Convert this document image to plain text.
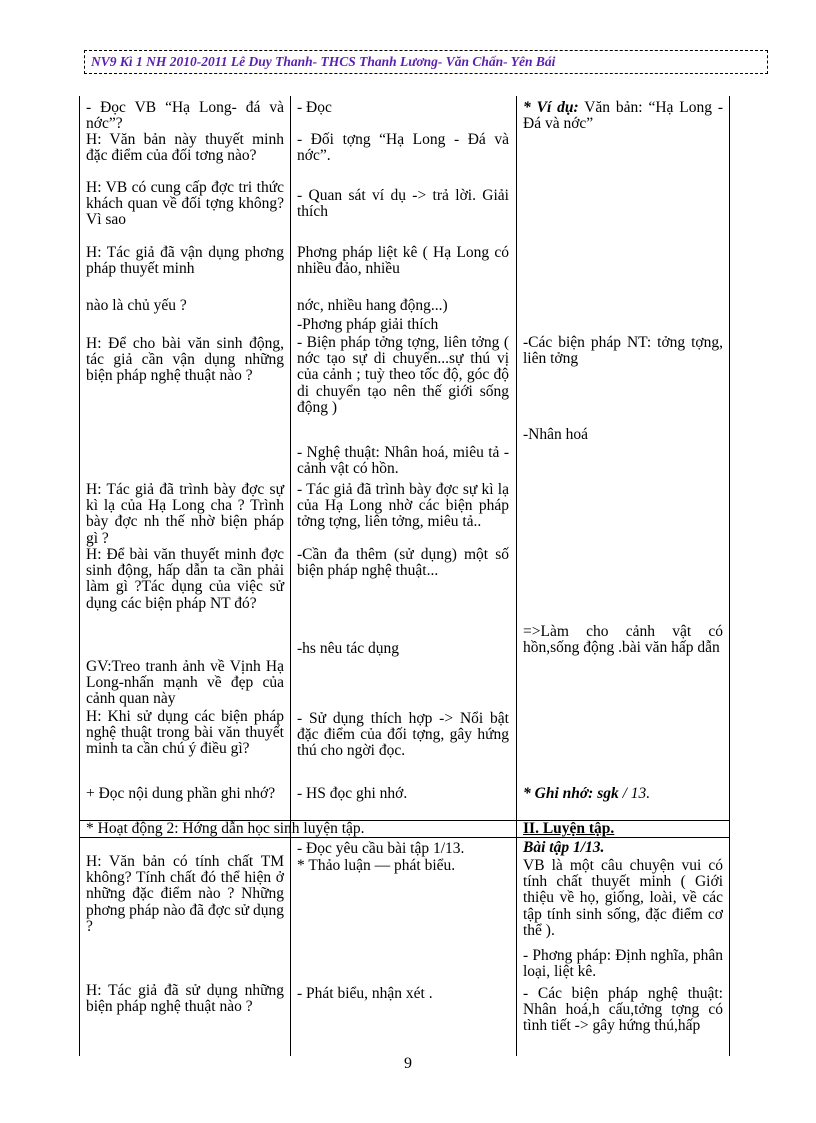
NV9 Kì 1 NH 2010-2011 Lê Duy Thanh- THCS Thanh Lương- Văn Chấn- Yên Bái
- Đọc VB “Hạ Long- đá và nớc”?
H: Văn bản này thuyết minh đặc điểm của đối tơng nào?
H: VB có cung cấp đợc tri thức khách quan về đối tợng không? Vì sao
H: Tác giả đã vận dụng phơng pháp thuyết minh
nào là chủ yếu ?
H: Để cho bài văn sinh động, tác giả cần vận dụng những biện pháp nghệ thuật nào ?
H: Tác giả đã trình bày đợc sự kì lạ của Hạ Long cha ? Trình bày đợc nh thế nhờ biện pháp gì ?
H: Để bài văn thuyết minh đợc sinh động, hấp dẫn ta cần phải làm gì ?Tác dụng của việc sử dụng các biện pháp NT đó?
GV:Treo tranh ảnh về Vịnh Hạ Long-nhấn mạnh về đẹp của cảnh quan này
H: Khi sử dụng các biện pháp nghệ thuật trong bài văn thuyết minh ta cần chú ý điều gì?
+ Đọc nội dung phần ghi nhớ?
* Hoạt động 2: Hớng dẫn học sinh luyện tập.
H: Văn bản có tính chất TM không? Tính chất đó thể hiện ở những đặc điểm nào ? Những phơng pháp nào đã đợc sử dụng ?
H: Tác giả đã sử dụng những biện pháp nghệ thuật nào ?
- Đọc
- Đối tợng “Hạ Long - Đá và nớc”.
- Quan sát ví dụ -> trả lời. Giải thích
Phơng pháp liệt kê ( Hạ Long có nhiều đảo, nhiều
nớc, nhiều hang động...)
-Phơng pháp giải thích
- Biện pháp tởng tợng, liên tởng ( nớc tạo sự di chuyển...sự thú vị của cảnh ; tuỳ theo tốc độ, góc độ di chuyển tạo nên thế giới sống động )
- Nghệ thuật: Nhân hoá, miêu tả - cảnh vật có hồn.
- Tác giả đã trình bày đợc sự kì lạ của Hạ Long nhờ các biện pháp tởng tợng, liên tởng, miêu tả..
-Cần đa thêm (sử dụng) một số biện pháp nghệ thuật...
-hs nêu tác dụng
- Sử dụng thích hợp -> Nổi bật đặc điểm của đối tợng, gây hứng thú cho ngời đọc.
- HS đọc ghi nhớ.
- Đọc yêu cầu bài tập 1/13.
* Thảo luận — phát biểu.
- Phát biểu, nhận xét .
* Ví dụ: Văn bản: “Hạ Long - Đá và nớc”
-Các biện pháp NT: tởng tợng, liên tởng
-Nhân hoá
=>Làm cho cảnh vật có hồn,sống động .bài văn hấp dẫn
* Ghi nhớ: sgk / 13.
II. Luyện tập.
Bài tập 1/13.
VB là một câu chuyện vui có tính chất thuyết minh ( Giới thiệu về họ, giống, loài, về các tập tính sinh sống, đặc điểm cơ thể ).
- Phơng pháp: Định nghĩa, phân loại, liệt kê.
- Các biện pháp nghệ thuật: Nhân hoá,h cấu,tởng tợng có tình tiết -> gây hứng thú,hấp
9
